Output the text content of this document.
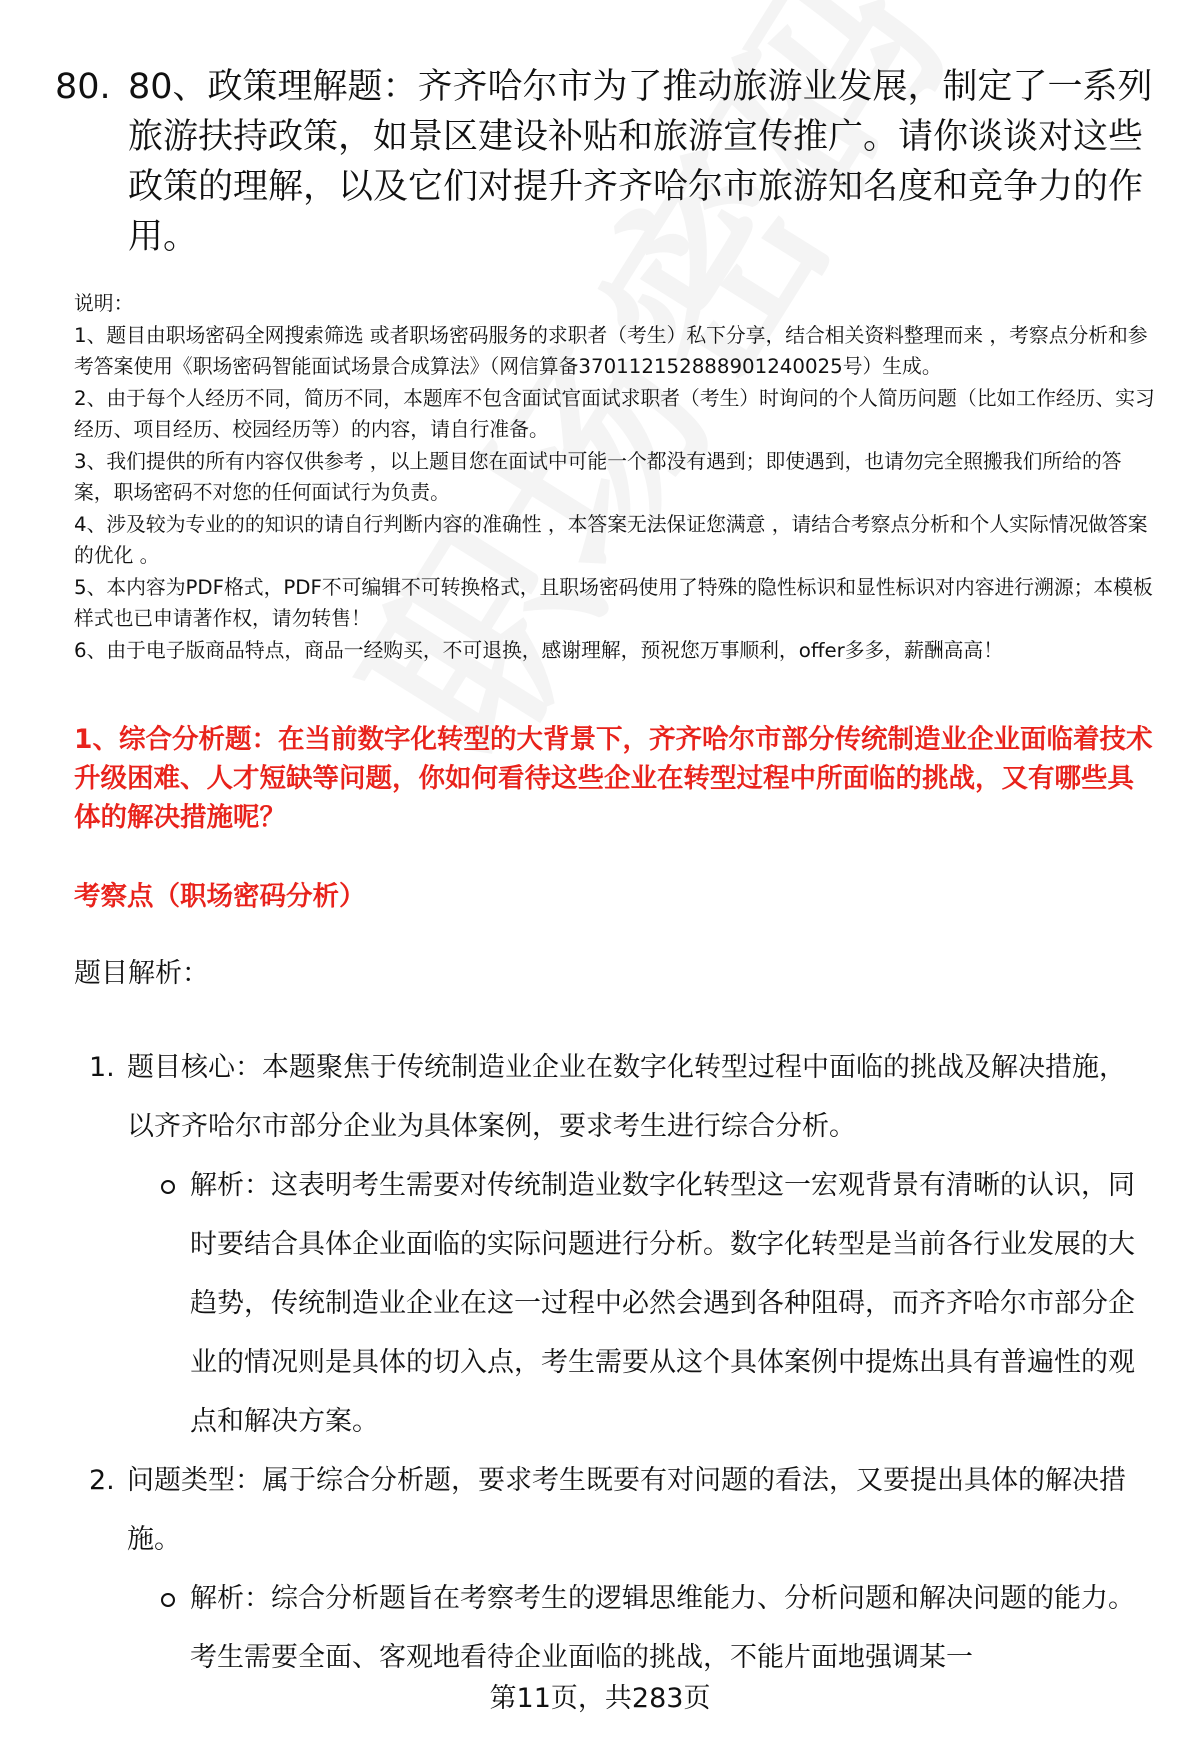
80. 80、政策理解题：齐齐哈尔市为了推动旅游业发展，制定了一系列旅游扶持政策，如景区建设补贴和旅游宣传推广。请你谈谈对这些政策的理解，以及它们对提升齐齐哈尔市旅游知名度和竞争力的作用。

说明：

1、题目由职场密码全网搜索筛选 或者职场密码服务的求职者（考生）私下分享，结合相关资料整理而来 ，考察点分析和参考答案使用《职场密码智能面试场景合成算法》（网信算备370112152888901240025号）生成。

2、由于每个人经历不同，简历不同，本题库不包含面试官面试求职者（考生）时询问的个人简历问题（比如工作经历、实习经历、项目经历、校园经历等）的内容，请自行准备。

3、我们提供的所有内容仅供参考 ，以上题目您在面试中可能一个都没有遇到；即使遇到，也请勿完全照搬我们所给的答案，职场密码不对您的任何面试行为负责。

4、涉及较为专业的的知识的请自行判断内容的准确性 ，本答案无法保证您满意 ，请结合考察点分析和个人实际情况做答案的优化 。

5、本内容为PDF格式，PDF不可编辑不可转换格式，且职场密码使用了特殊的隐性标识和显性标识对内容进行溯源；本模板样式也已申请著作权，请勿转售！

6、由于电子版商品特点，商品一经购买，不可退换，感谢理解，预祝您万事顺利，offer多多，薪酬高高！

1、综合分析题：在当前数字化转型的大背景下，齐齐哈尔市部分传统制造业企业面临着技术升级困难、人才短缺等问题，你如何看待这些企业在转型过程中所面临的挑战，又有哪些具体的解决措施呢？
考察点（职场密码分析）
题目解析：
1. 题目核心：本题聚焦于传统制造业企业在数字化转型过程中面临的挑战及解决措施，以齐齐哈尔市部分企业为具体案例，要求考生进行综合分析。
解析：这表明考生需要对传统制造业数字化转型这一宏观背景有清晰的认识，同时要结合具体企业面临的实际问题进行分析。数字化转型是当前各行业发展的大趋势，传统制造业企业在这一过程中必然会遇到各种阻碍，而齐齐哈尔市部分企业的情况则是具体的切入点，考生需要从这个具体案例中提炼出具有普遍性的观点和解决方案。
2. 问题类型：属于综合分析题，要求考生既要有对问题的看法，又要提出具体的解决措施。
解析：综合分析题旨在考察考生的逻辑思维能力、分析问题和解决问题的能力。考生需要全面、客观地看待企业面临的挑战，不能片面地强调某一
第11页，共283页
